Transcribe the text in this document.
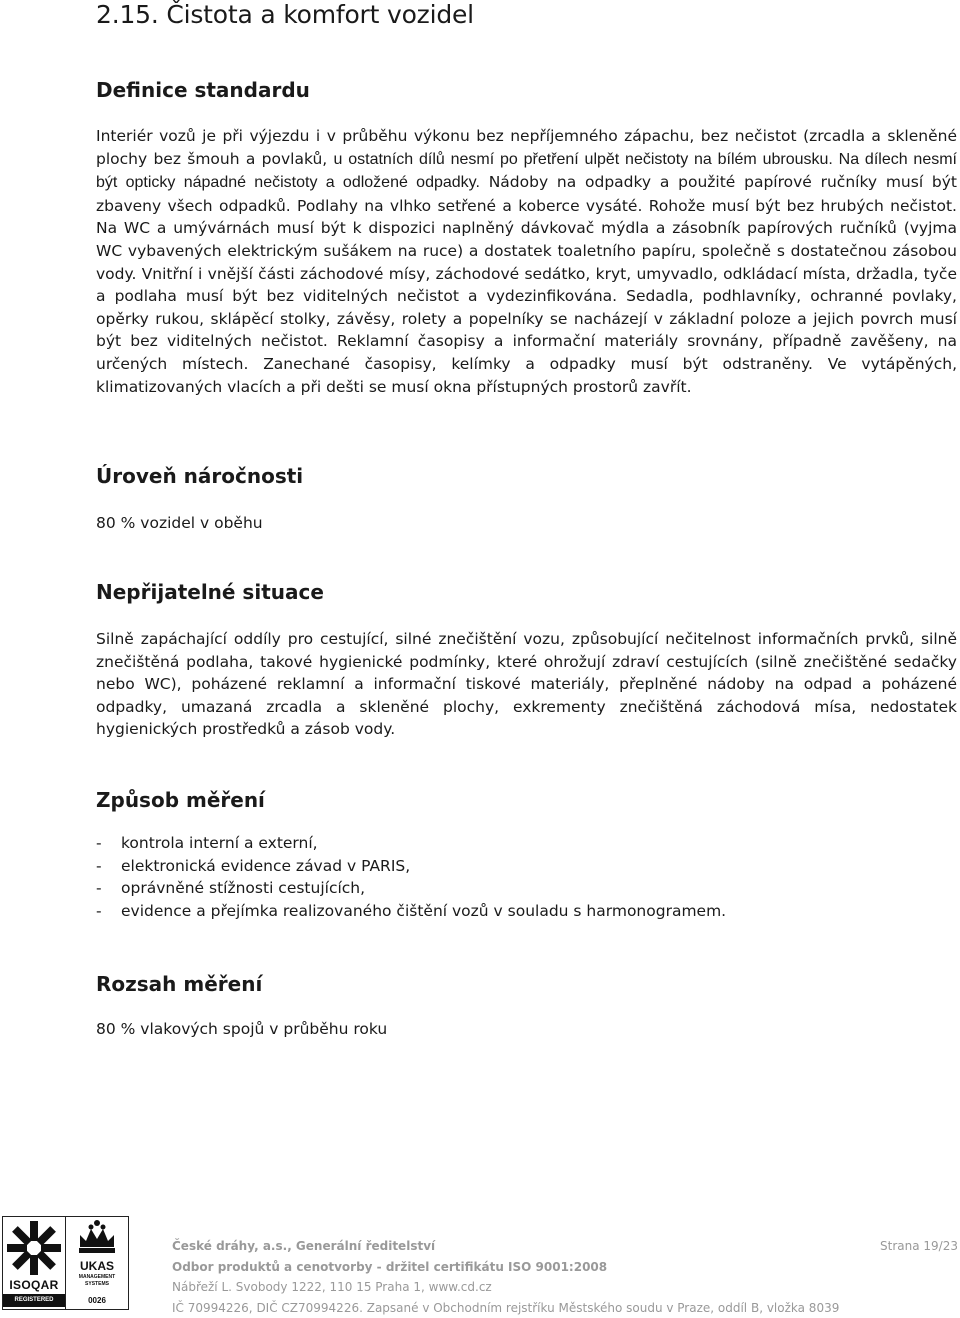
2.15. Čistota a komfort vozidel
Definice standardu

Interiér vozů je při výjezdu i v průběhu výkonu bez nepříjemného zápachu, bez nečistot (zrcadla a skleněné plochy bez šmouh a povlaků, u ostatních dílů nesmí po přetření ulpět nečistoty na bílém ubrousku. Na dílech nesmí být opticky nápadné nečistoty a odložené odpadky. Nádoby na odpadky a použité papírové ručníky musí být zbaveny všech odpadků. Podlahy na vlhko setřené a koberce vysáté. Rohože musí být bez hrubých nečistot. Na WC a umývárnách musí být k dispozici naplněný dávkovač mýdla a zásobník papírových ručníků (vyjma WC vybavených elektrickým sušákem na ruce) a dostatek toaletního papíru, společně s dostatečnou zásobou vody. Vnitřní i vnější části záchodové mísy, záchodové sedátko, kryt, umyvadlo, odkládací místa, držadla, tyče a podlaha musí být bez viditelných nečistot a vydezinfikována. Sedadla, podhlavníky, ochranné povlaky, opěrky rukou, sklápěcí stolky, závěsy, rolety a popelníky se nacházejí v základní poloze a jejich povrch musí být bez viditelných nečistot. Reklamní časopisy a informační materiály srovnány, případně zavěšeny, na určených místech. Zanechané časopisy, kelímky a odpadky musí být odstraněny. Ve vytápěných, klimatizovaných vlacích a při dešti se musí okna přístupných prostorů zavřít.

Úroveň náročnosti

80 % vozidel v oběhu

Nepřijatelné situace

Silně zapáchající oddíly pro cestující, silné znečištění vozu, způsobující nečitelnost informačních prvků, silně znečištěná podlaha, takové hygienické podmínky, které ohrožují zdraví cestujících (silně znečištěné sedačky nebo WC), poházené reklamní a informační tiskové materiály, přeplněné nádoby na odpad a poházené odpadky, umazaná zrcadla a skleněné plochy, exkrementy znečištěná záchodová mísa, nedostatek hygienických prostředků a zásob vody.

Způsob měření
- kontrola interní a externí,
- elektronická evidence závad v PARIS,
- oprávněné stížnosti cestujících,
- evidence a přejímka realizovaného čištění vozů v souladu s harmonogramem.
Rozsah měření

80 % vlakových spojů v průběhu roku

ISOQAR
REGISTERED
UKAS
MANAGEMENT
SYSTEMS
0026
České dráhy, a.s., Generální ředitelství
Odbor produktů a cenotvorby - držitel certifikátu ISO 9001:2008
Nábřeží L. Svobody 1222, 110 15 Praha 1, www.cd.cz
IČ 70994226, DIČ CZ70994226. Zapsané v Obchodním rejstříku Městského soudu v Praze, oddíl B, vložka 8039
Strana 19/23
